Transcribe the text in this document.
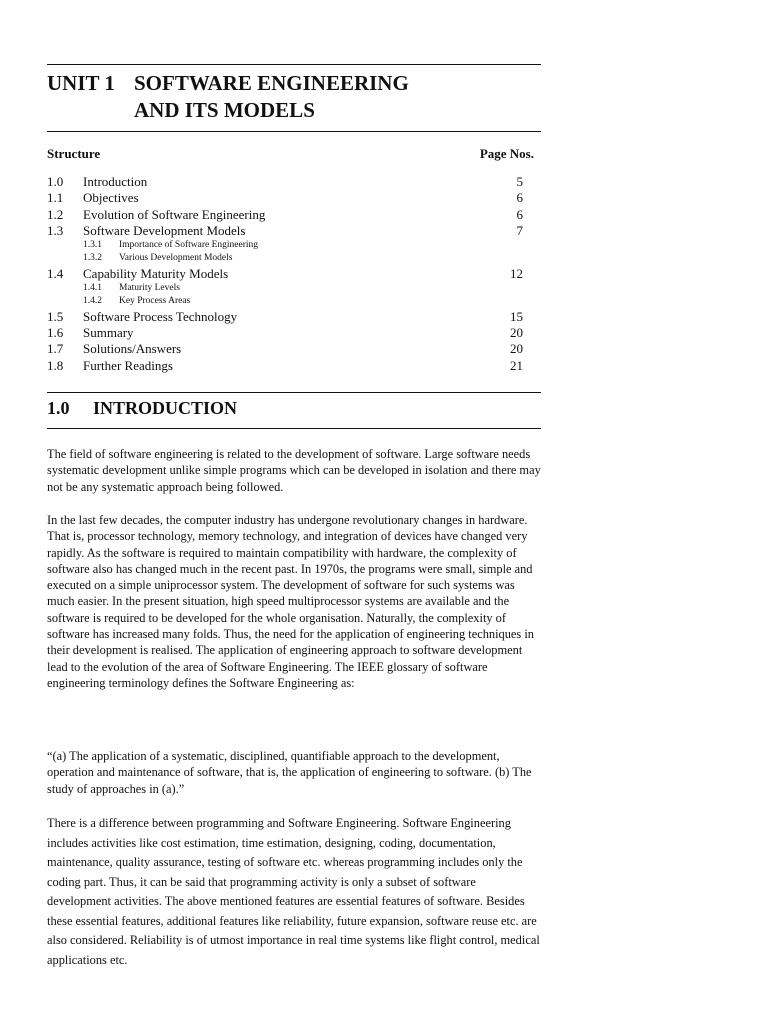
UNIT 1 SOFTWARE ENGINEERING
AND ITS MODELS
Structure	Page Nos.
1.0 Introduction	5
1.1 Objectives	6
1.2 Evolution of Software Engineering	6
1.3 Software Development Models	7
1.3.1 Importance of Software Engineering
1.3.2 Various Development Models
1.4 Capability Maturity Models	12
1.4.1 Maturity Levels
1.4.2 Key Process Areas
1.5 Software Process Technology	15
1.6 Summary	20
1.7 Solutions/Answers	20
1.8 Further Readings	21
1.0 INTRODUCTION

The field of software engineering is related to the development of software. Large software needs systematic development unlike simple programs which can be developed in isolation and there may not be any systematic approach being followed.

In the last few decades, the computer industry has undergone revolutionary changes in hardware. That is, processor technology, memory technology, and integration of devices have changed very rapidly. As the software is required to maintain compatibility with hardware, the complexity of software also has changed much in the recent past. In 1970s, the programs were small, simple and executed on a simple uniprocessor system. The development of software for such systems was much easier. In the present situation, high speed multiprocessor systems are available and the software is required to be developed for the whole organisation. Naturally, the complexity of software has increased many folds. Thus, the need for the application of engineering techniques in their development is realised. The application of engineering approach to software development lead to the evolution of the area of Software Engineering. The IEEE glossary of software engineering terminology defines the Software Engineering as:

“(a) The application of a systematic, disciplined, quantifiable approach to the development, operation and maintenance of software, that is, the application of engineering to software. (b) The study of approaches in (a).”

There is a difference between programming and Software Engineering. Software Engineering includes activities like cost estimation, time estimation, designing, coding, documentation, maintenance, quality assurance, testing of software etc. whereas programming includes only the coding part. Thus, it can be said that programming activity is only a subset of software development activities. The above mentioned features are essential features of software. Besides these essential features, additional features like reliability, future expansion, software reuse etc. are also considered. Reliability is of utmost importance in real time systems like flight control, medical applications etc.
